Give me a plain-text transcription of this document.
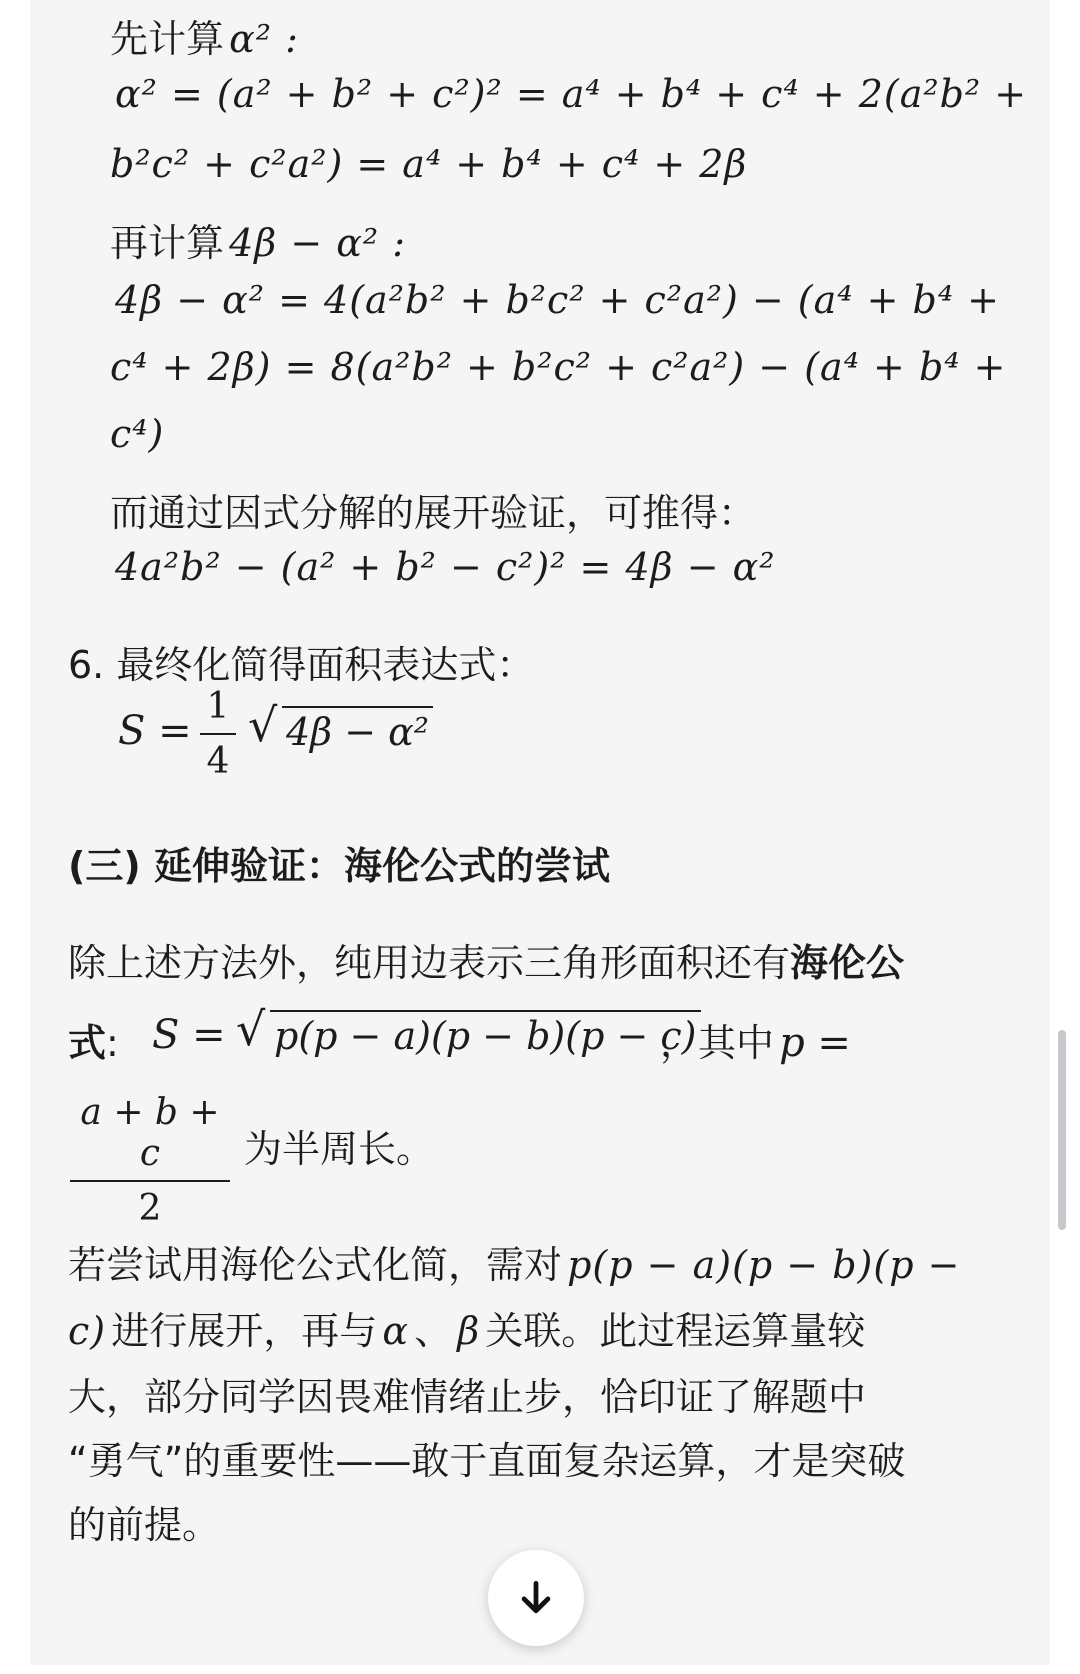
先计算 α² :
α² = (a² + b² + c²)² = a⁴ + b⁴ + c⁴ + 2(a²b² +
b²c² + c²a²) = a⁴ + b⁴ + c⁴ + 2β
再计算 4β − α² :
4β − α² = 4(a²b² + b²c² + c²a²) − (a⁴ + b⁴ +
c⁴ + 2β) = 8(a²b² + b²c² + c²a²) − (a⁴ + b⁴ +
c⁴)
而通过因式分解的展开验证，可推得：
4a²b² − (a² + b² − c²)² = 4β − α²
6. 最终化简得面积表达式：
S =
1
4
√ 4β − α²
(三) 延伸验证：海伦公式的尝试
除上述方法外，纯用边表示三角形面积还有海伦公
式: S = √ p(p − a)(p − b)(p − c)
，其中 p =
a + b + c
2
为半周长。
若尝试用海伦公式化简，需对 p(p − a)(p − b)(p −
c) 进行展开，再与 α 、 β 关联。此过程运算量较
大，部分同学因畏难情绪止步，恰印证了解题中
“勇气”的重要性——敢于直面复杂运算，才是突破
的前提。
